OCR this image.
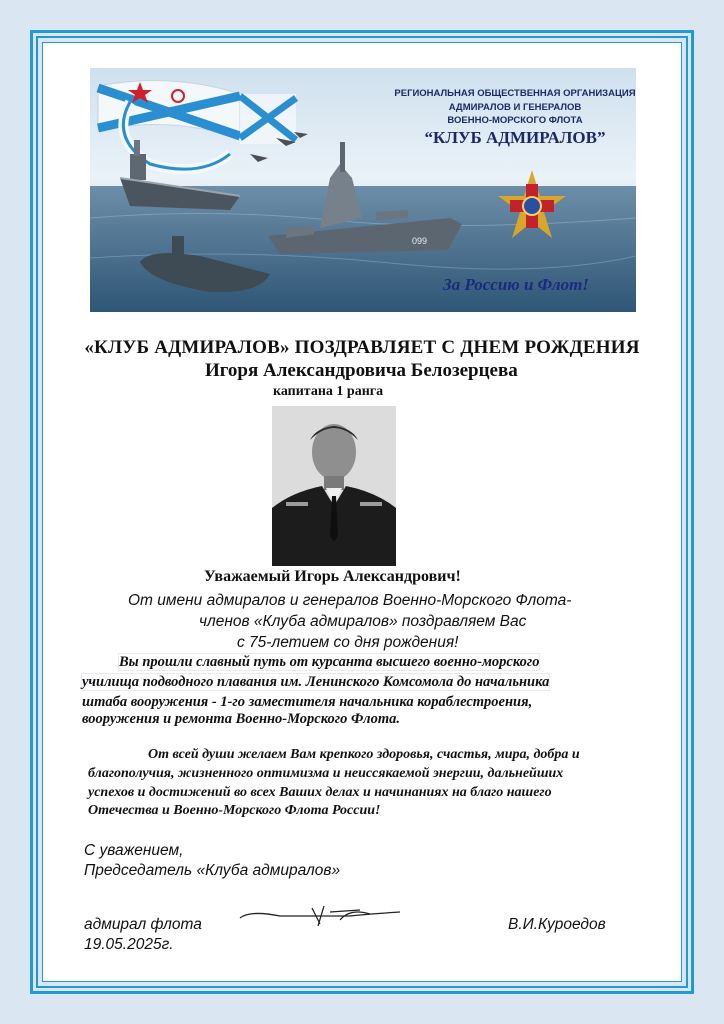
099
РЕГИОНАЛЬНАЯ ОБЩЕСТВЕННАЯ ОРГАНИЗАЦИЯ
АДМИРАЛОВ И ГЕНЕРАЛОВ
ВОЕННО-МОРСКОГО ФЛОТА
“КЛУБ АДМИРАЛОВ”
За Россию и Флот!

«КЛУБ АДМИРАЛОВ» ПОЗДРАВЛЯЕТ С ДНЕМ РОЖДЕНИЯ

Игоря Александровича Белозерцева

капитана 1 ранга

Уважаемый Игорь Александрович!

От имени адмиралов и генералов Военно-Морского Флота-

членов «Клуба адмиралов» поздравляем Вас

с 75-летием со дня рождения!

Вы прошли славный путь от курсанта высшего военно-морского

училища подводного плавания им. Ленинского Комсомола до начальника

штаба вооружения - 1-го заместителя начальника кораблестроения,

вооружения и ремонта Военно-Морского Флота.

От всей души желаем Вам крепкого здоровья, счастья, мира, добра и

благополучия, жизненного оптимизма и неиссякаемой энергии, дальнейших

успехов и достижений во всех Ваших делах и начинаниях на благо нашего

Отечества и Военно-Морского Флота России!

С уважением,

Председатель «Клуба адмиралов»

адмирал флота	В.И.Куроедов

19.05.2025г.
